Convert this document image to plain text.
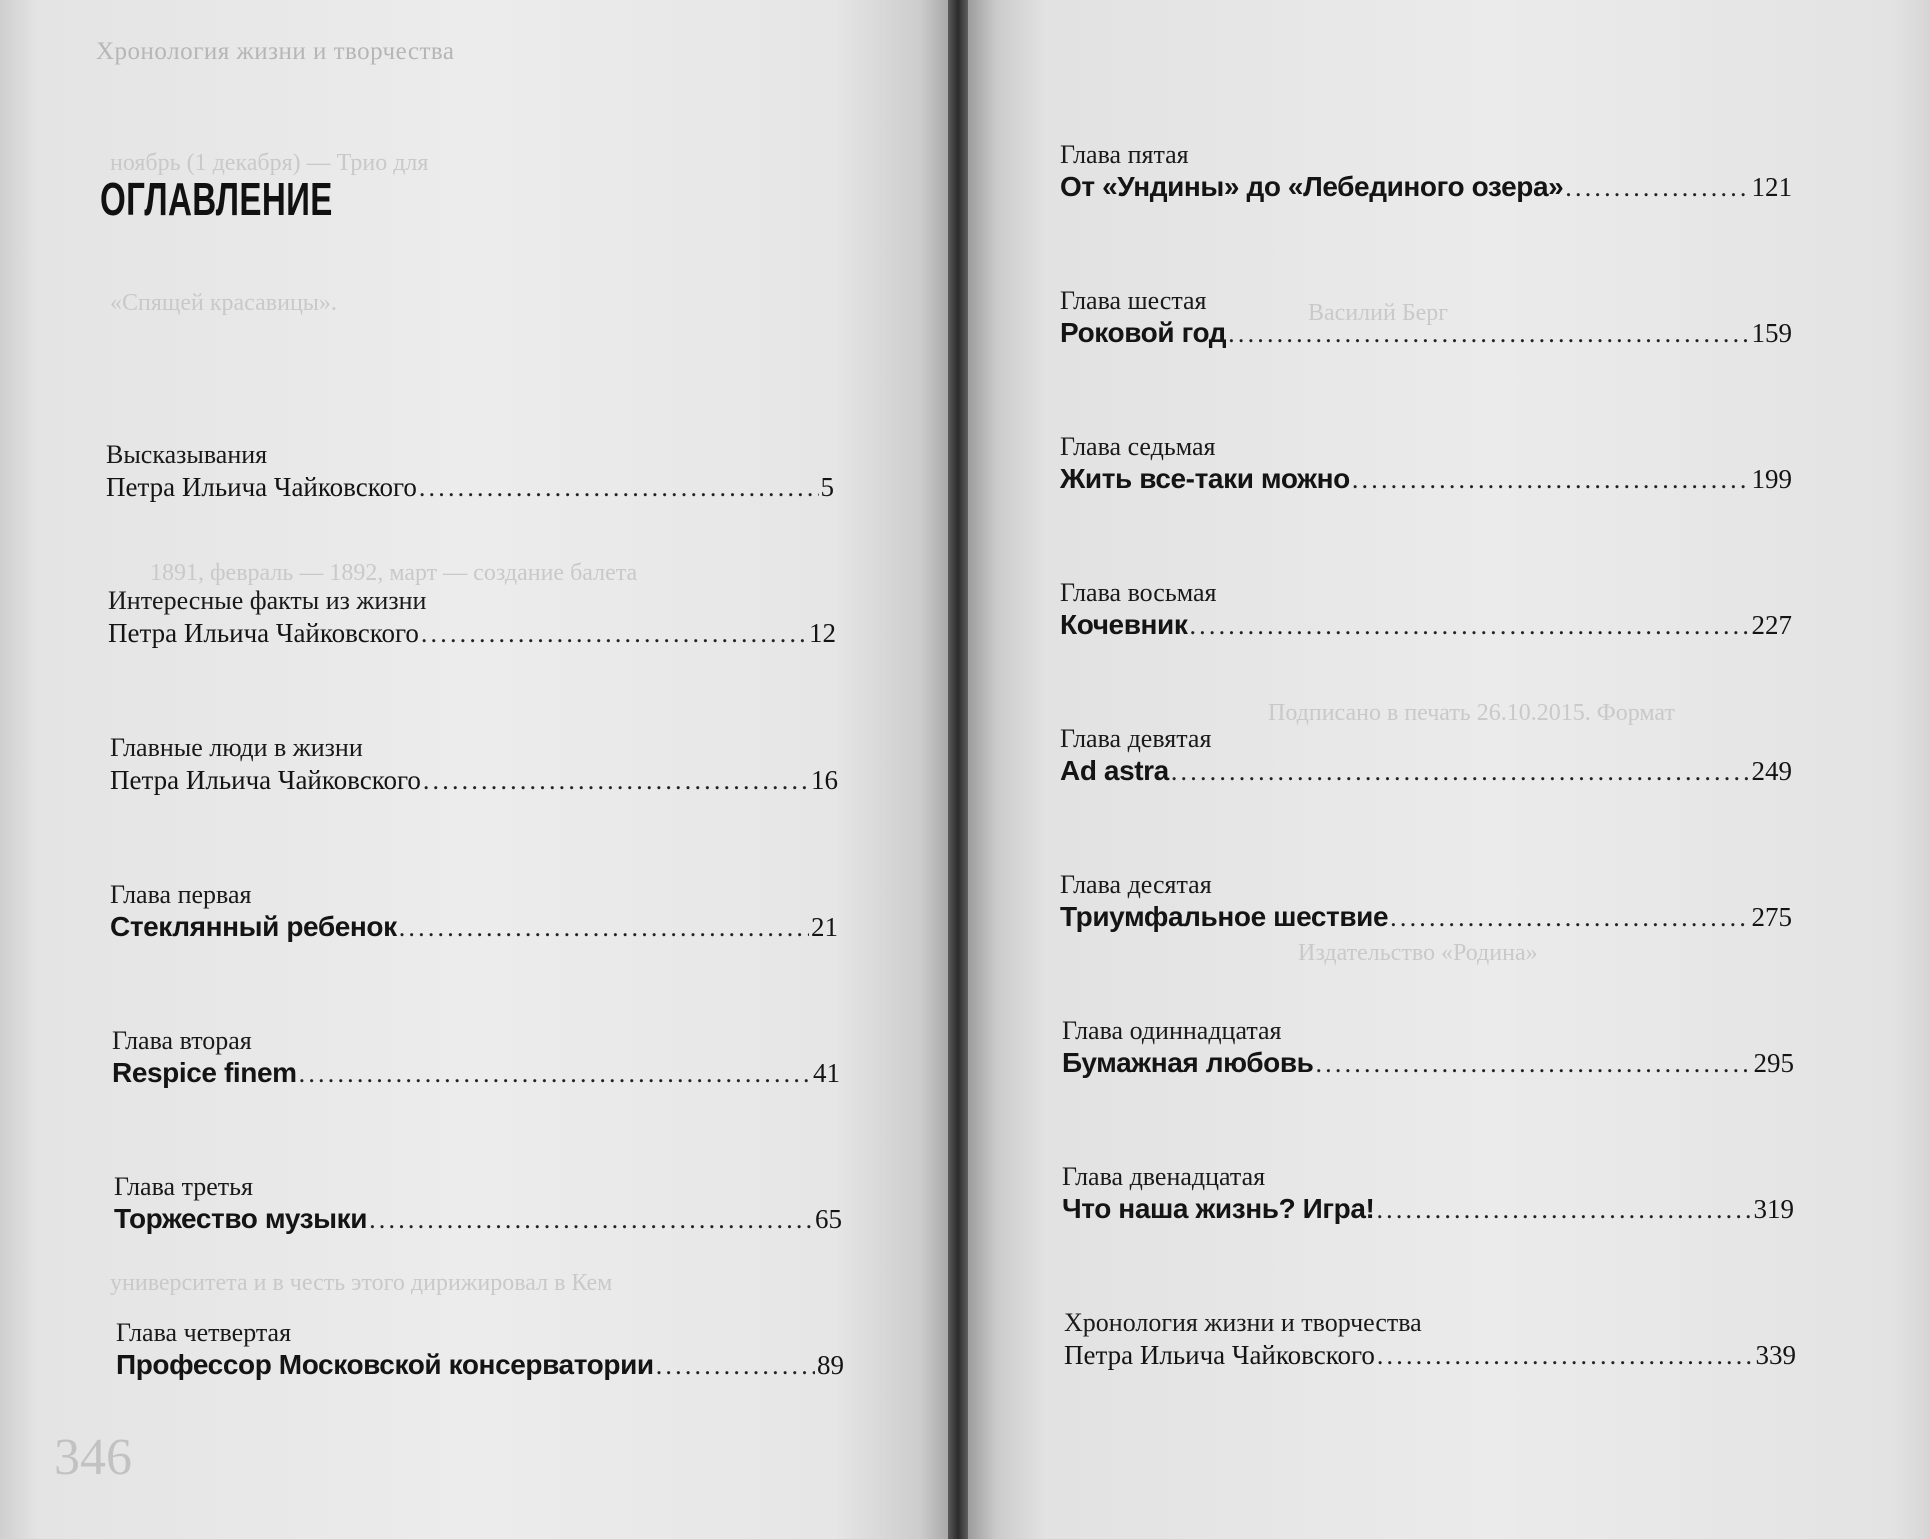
Хронология жизни и творчества
346
ноябрь (1 декабря) — Трио для
«Спящей красавицы».
1891, февраль — 1892, март — создание балета
университета и в честь этого дирижировал в Кем
ОГЛАВЛЕНИЕ
Высказывания
Петра Ильича Чайковского .....	5
Интересные факты из жизни
Петра Ильича Чайковского .....	12
Главные люди в жизни
Петра Ильича Чайковского .....	16
Глава первая
Стеклянный ребенок .....	21
Глава вторая
Respice finem .....	41
Глава третья
Торжество музыки .....	65
Глава четвертая
Профессор Московской консерватории .....	89
Василий Берг
Подписано в печать 26.10.2015. Формат
Издательство «Родина»
Глава пятая
От «Ундины» до «Лебединого озера» .....	121
Глава шестая
Роковой год .....	159
Глава седьмая
Жить все-таки можно .....	199
Глава восьмая
Кочевник .....	227
Глава девятая
Ad astra .....	249
Глава десятая
Триумфальное шествие .....	275
Глава одиннадцатая
Бумажная любовь .....	295
Глава двенадцатая
Что наша жизнь? Игра! .....	319
Хронология жизни и творчества
Петра Ильича Чайковского .....	339
